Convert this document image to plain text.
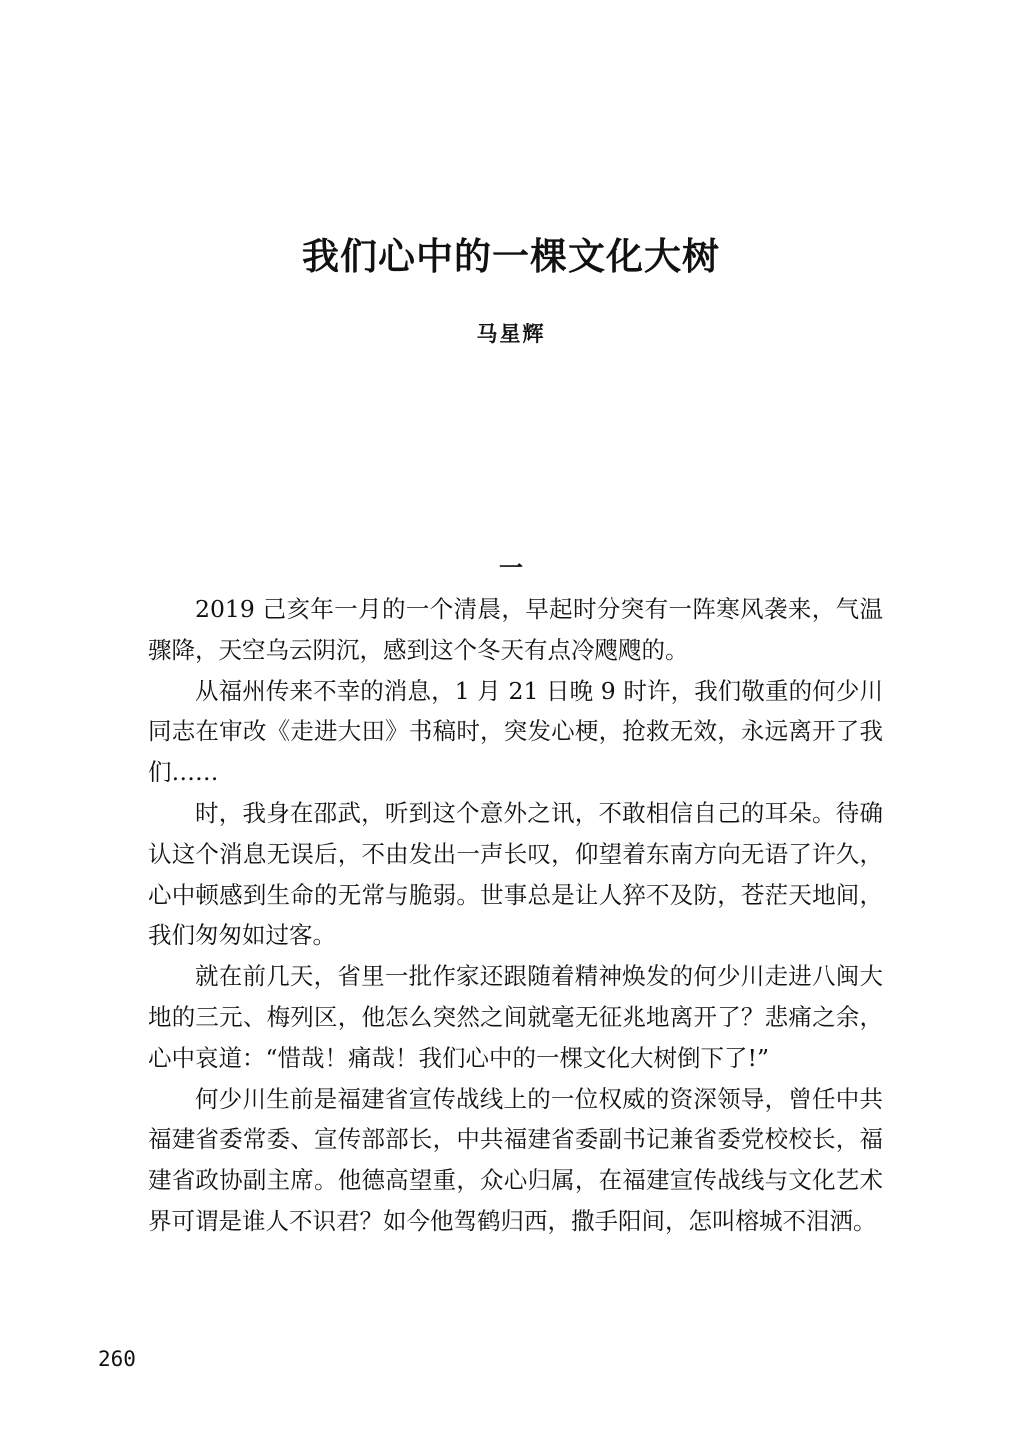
我们心中的一棵文化大树
马星辉
一

2019 己亥年一月的一个清晨，早起时分突有一阵寒风袭来，气温骤降，天空乌云阴沉，感到这个冬天有点冷飕飕的。

从福州传来不幸的消息，1 月 21 日晚 9 时许，我们敬重的何少川同志在审改《走进大田》书稿时，突发心梗，抢救无效，永远离开了我们……

时，我身在邵武，听到这个意外之讯，不敢相信自己的耳朵。待确认这个消息无误后，不由发出一声长叹，仰望着东南方向无语了许久，心中顿感到生命的无常与脆弱。世事总是让人猝不及防，苍茫天地间，我们匆匆如过客。

就在前几天，省里一批作家还跟随着精神焕发的何少川走进八闽大地的三元、梅列区，他怎么突然之间就毫无征兆地离开了？悲痛之余，心中哀道：“惜哉！痛哉！我们心中的一棵文化大树倒下了!”

何少川生前是福建省宣传战线上的一位权威的资深领导，曾任中共福建省委常委、宣传部部长，中共福建省委副书记兼省委党校校长，福建省政协副主席。他德高望重，众心归属，在福建宣传战线与文化艺术界可谓是谁人不识君？如今他驾鹤归西，撒手阳间，怎叫榕城不泪洒。

260
